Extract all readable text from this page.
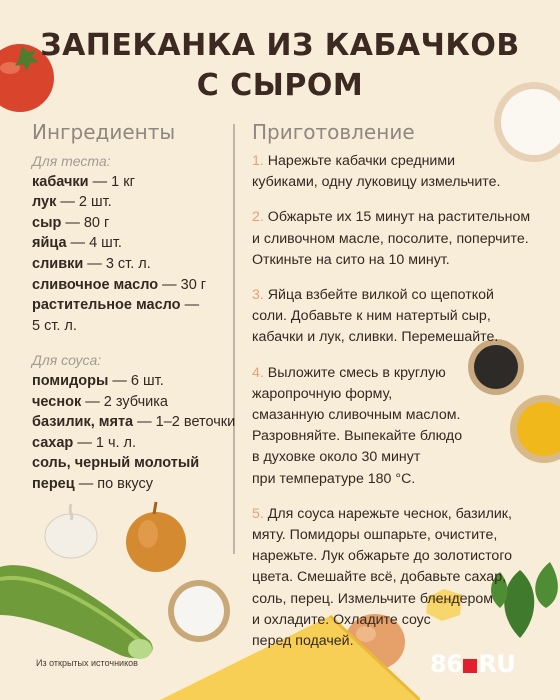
ЗАПЕКАНКА ИЗ КАБАЧКОВ
С СЫРОМ
Ингредиенты	Приготовление
Для теста:
кабачки — 1 кг
лук — 2 шт.
сыр — 80 г
яйца — 4 шт.
сливки — 3 ст. л.
сливочное масло — 30 г
растительное масло —
5 ст. л.
Для соуса:
помидоры — 6 шт.
чеснок — 2 зубчика
базилик, мята — 1–2 веточки
сахар — 1 ч. л.
соль, черный молотый
перец — по вкусу
1. Нарежьте кабачки средними
кубиками, одну луковицу измельчите.
2. Обжарьте их 15 минут на растительном
и сливочном масле, посолите, поперчите.
Откиньте на сито на 10 минут.
3. Яйца взбейте вилкой со щепоткой
соли. Добавьте к ним натертый сыр,
кабачки и лук, сливки. Перемешайте.
4. Выложите смесь в круглую
жаропрочную форму,
смазанную сливочным маслом.
Разровняйте. Выпекайте блюдо
в духовке около 30 минут
при температуре 180 °С.
5. Для соуса нарежьте чеснок, базилик,
мяту. Помидоры ошпарьте, очистите,
нарежьте. Лук обжарьте до золотистого
цвета. Смешайте всё, добавьте сахар,
соль, перец. Измельчите блендером
и охладите. Охладите соус
перед подачей.
Из открытых источников	86 RU
